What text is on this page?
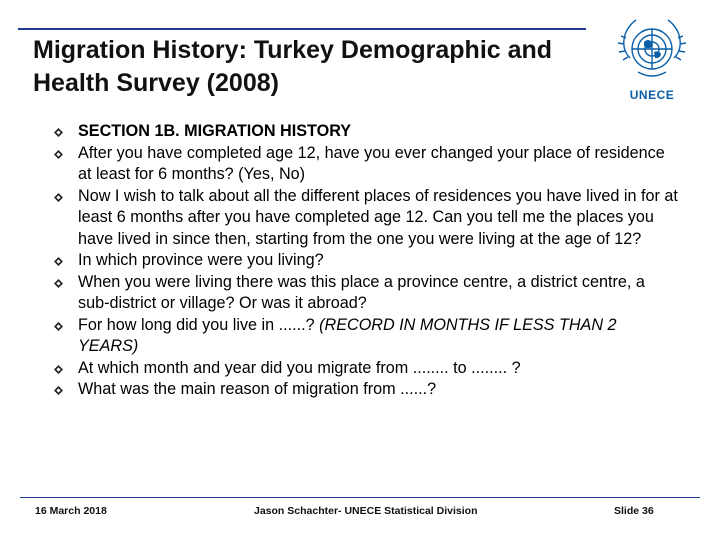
Migration History: Turkey Demographic and Health Survey (2008)	UNECE
SECTION 1B. MIGRATION HISTORY
After you have completed age 12, have you ever changed your place of residence at least for 6 months? (Yes, No)
Now I wish to talk about all the different places of residences you have lived in for at least 6 months after you have completed age 12. Can you tell me the places you have lived in since then, starting from the one you were living at the age of 12?
In which province were you living?
When you were living there was this place a province centre, a district centre, a sub-district or village? Or was it abroad?
For how long did you live in ......? (RECORD IN MONTHS IF LESS THAN 2 YEARS)
At which month and year did you migrate from ........ to ........ ?
What was the main reason of migration from ......?
16 March 2018	Jason Schachter- UNECE Statistical Division	Slide 36
